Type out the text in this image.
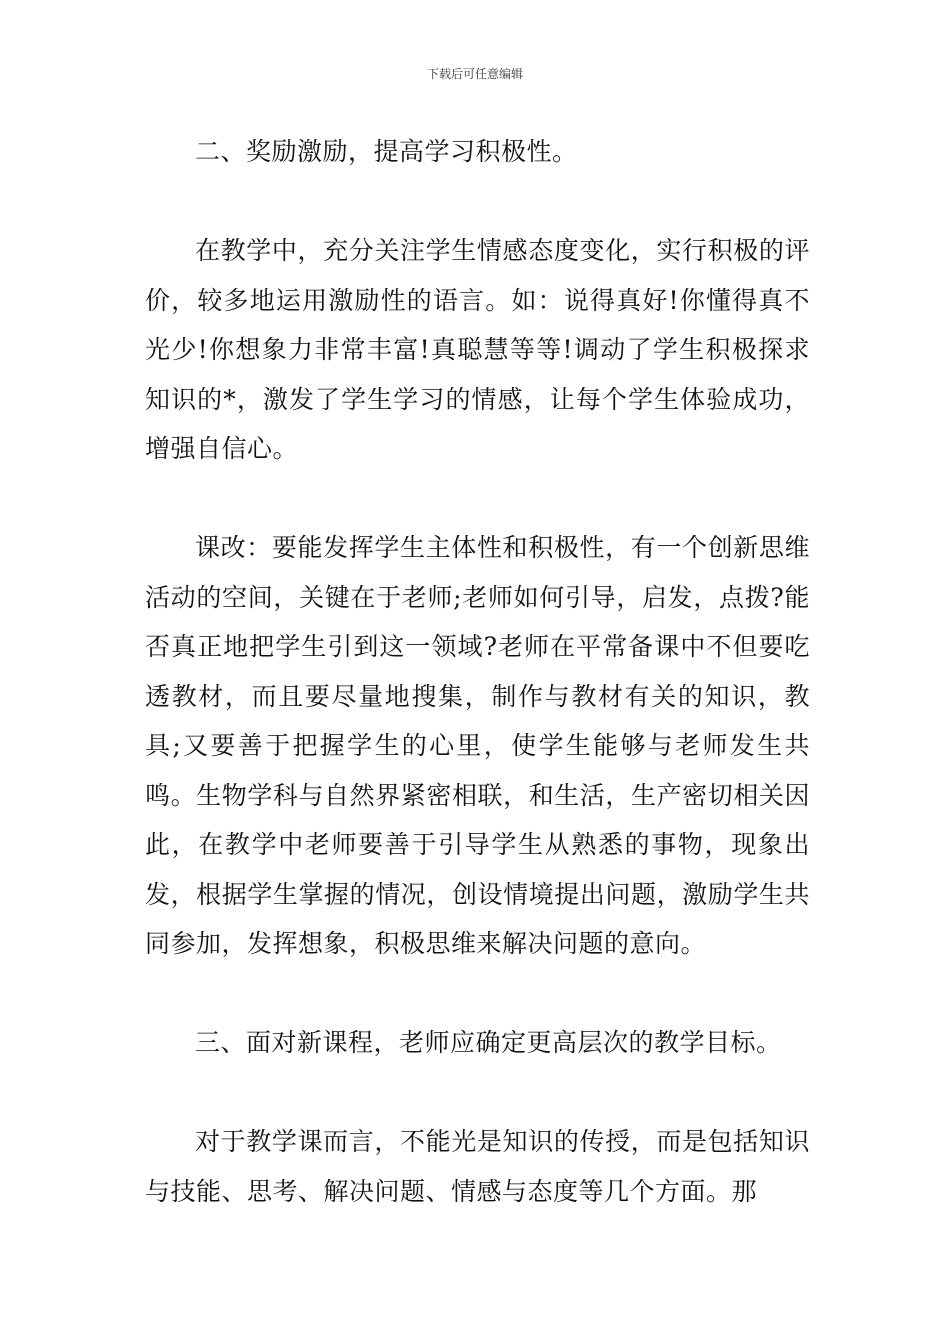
下载后可任意编辑

二、奖励激励，提高学习积极性。

在教学中，充分关注学生情感态度变化，实行积极的评价，较多地运用激励性的语言。如：说得真好!你懂得真不光少!你想象力非常丰富!真聪慧等等!调动了学生积极探求知识的*，激发了学生学习的情感，让每个学生体验成功，增强自信心。

课改：要能发挥学生主体性和积极性，有一个创新思维活动的空间，关键在于老师;老师如何引导，启发，点拨?能否真正地把学生引到这一领域?老师在平常备课中不但要吃透教材，而且要尽量地搜集，制作与教材有关的知识，教具;又要善于把握学生的心里，使学生能够与老师发生共鸣。生物学科与自然界紧密相联，和生活，生产密切相关因此，在教学中老师要善于引导学生从熟悉的事物，现象出发，根据学生掌握的情况，创设情境提出问题，激励学生共同参加，发挥想象，积极思维来解决问题的意向。

三、面对新课程，老师应确定更高层次的教学目标。

对于教学课而言，不能光是知识的传授，而是包括知识与技能、思考、解决问题、情感与态度等几个方面。那
